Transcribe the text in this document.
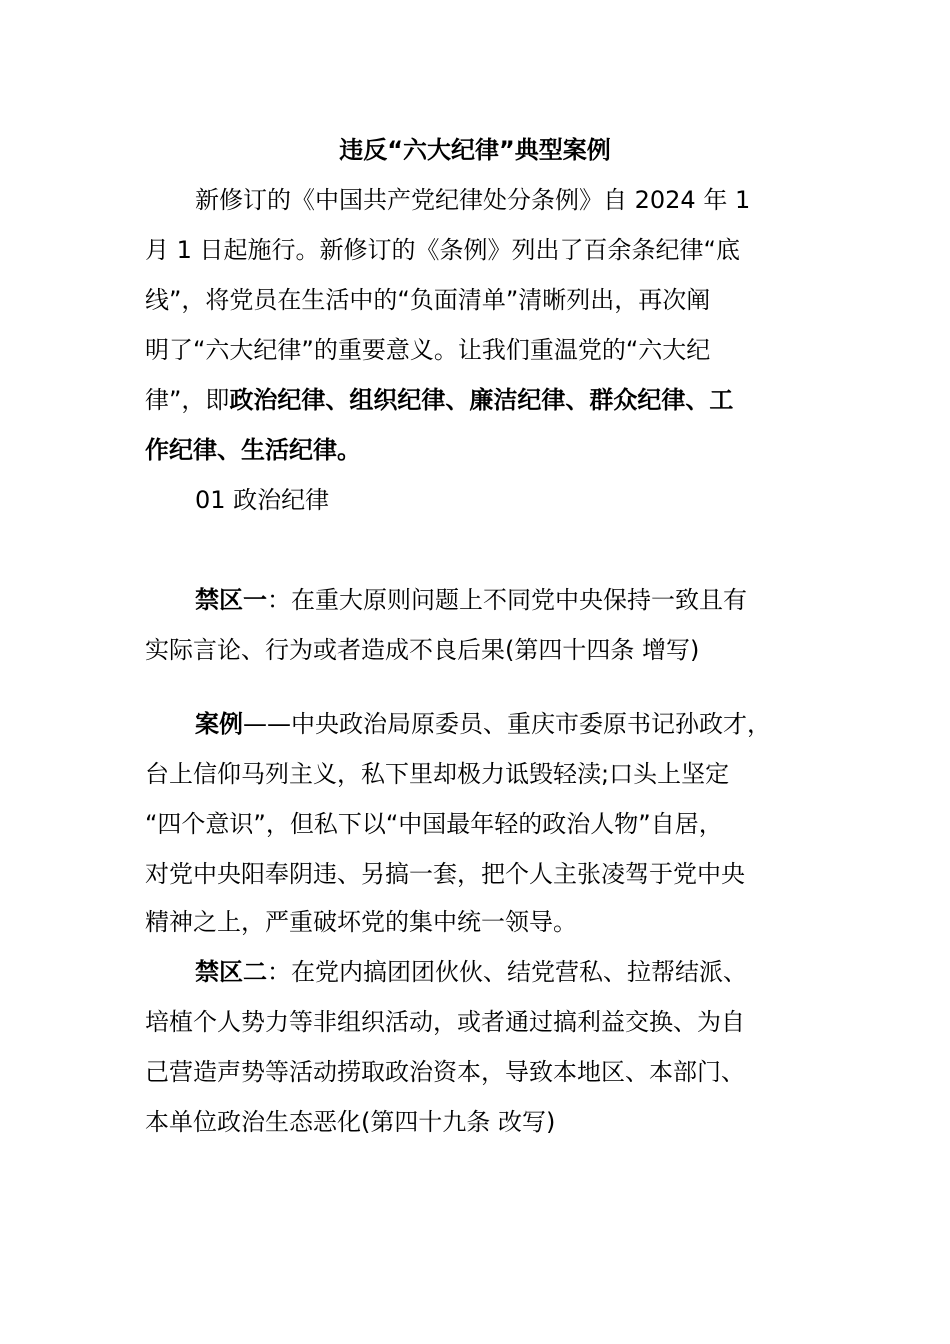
违反“六大纪律”典型案例
新修订的《中国共产党纪律处分条例》自 2024 年 1
月 1 日起施行。新修订的《条例》列出了百余条纪律“底
线”，将党员在生活中的“负面清单”清晰列出，再次阐
明了“六大纪律”的重要意义。让我们重温党的“六大纪
律”，即政治纪律、组织纪律、廉洁纪律、群众纪律、工
作纪律、生活纪律。
01 政治纪律
禁区一：在重大原则问题上不同党中央保持一致且有
实际言论、行为或者造成不良后果(第四十四条 增写)
案例——中央政治局原委员、重庆市委原书记孙政才，
台上信仰马列主义，私下里却极力诋毁轻渎;口头上坚定
“四个意识”，但私下以“中国最年轻的政治人物”自居，
对党中央阳奉阴违、另搞一套，把个人主张凌驾于党中央
精神之上，严重破坏党的集中统一领导。
禁区二：在党内搞团团伙伙、结党营私、拉帮结派、
培植个人势力等非组织活动，或者通过搞利益交换、为自
己营造声势等活动捞取政治资本，导致本地区、本部门、
本单位政治生态恶化(第四十九条 改写)
